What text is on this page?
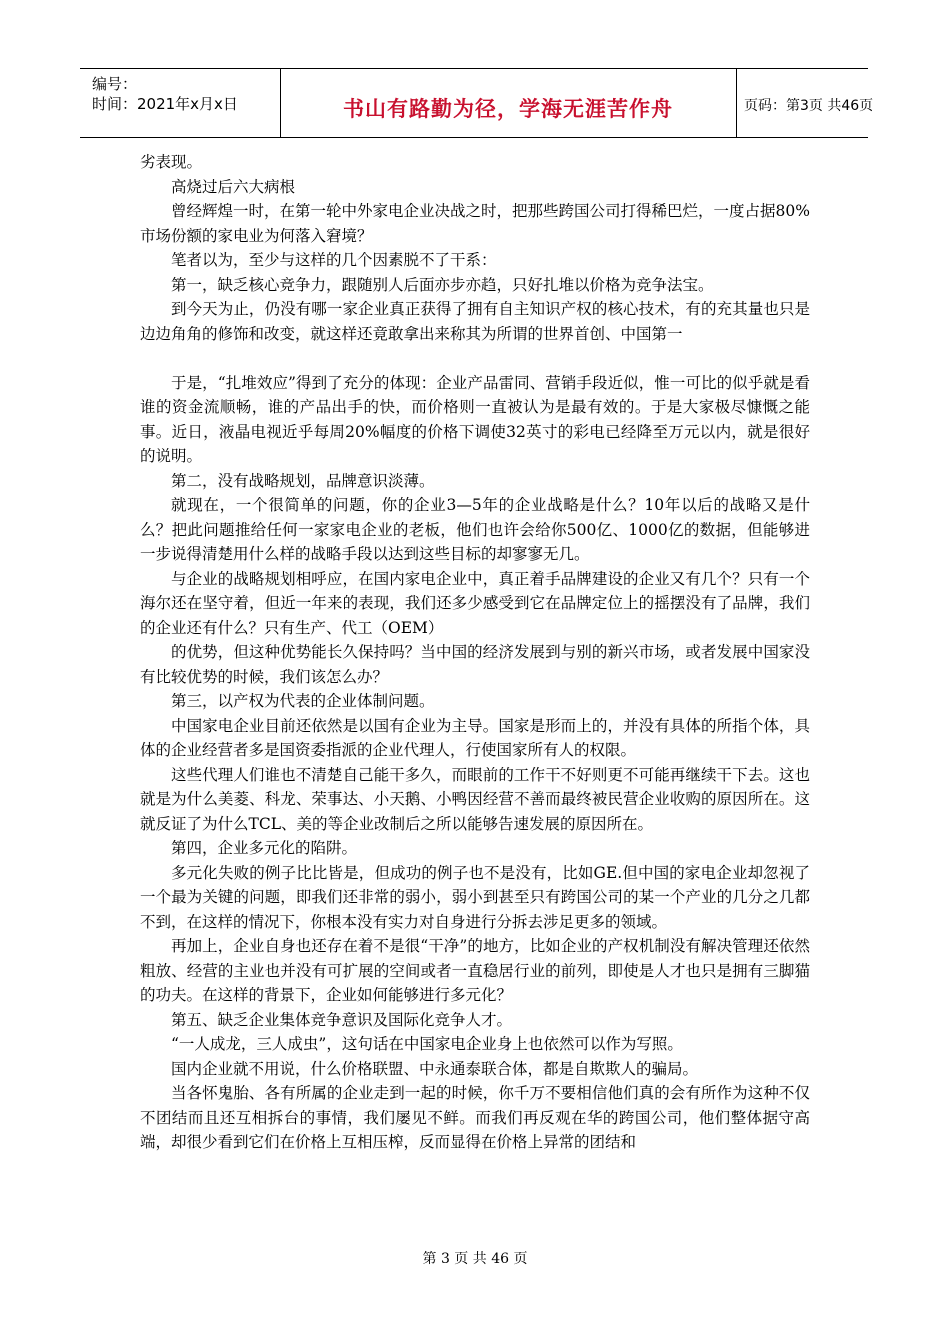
编号：
时间：2021年x月x日	书山有路勤为径，学海无涯苦作舟	页码：第3页 共46页

劣表现。

高烧过后六大病根

曾经辉煌一时，在第一轮中外家电企业决战之时，把那些跨国公司打得稀巴烂，一度占据80%市场份额的家电业为何落入窘境？

笔者以为，至少与这样的几个因素脱不了干系：

第一，缺乏核心竞争力，跟随别人后面亦步亦趋，只好扎堆以价格为竞争法宝。

到今天为止，仍没有哪一家企业真正获得了拥有自主知识产权的核心技术，有的充其量也只是边边角角的修饰和改变，就这样还竟敢拿出来称其为所谓的世界首创、中国第一

于是，“扎堆效应”得到了充分的体现：企业产品雷同、营销手段近似，惟一可比的似乎就是看谁的资金流顺畅，谁的产品出手的快，而价格则一直被认为是最有效的。于是大家极尽慷慨之能事。近日，液晶电视近乎每周20%幅度的价格下调使32英寸的彩电已经降至万元以内，就是很好的说明。

第二，没有战略规划，品牌意识淡薄。

就现在，一个很简单的问题，你的企业3—5年的企业战略是什么？10年以后的战略又是什么？把此问题推给任何一家家电企业的老板，他们也许会给你500亿、1000亿的数据，但能够进一步说得清楚用什么样的战略手段以达到这些目标的却寥寥无几。

与企业的战略规划相呼应，在国内家电企业中，真正着手品牌建设的企业又有几个？只有一个海尔还在坚守着，但近一年来的表现，我们还多少感受到它在品牌定位上的摇摆没有了品牌，我们的企业还有什么？只有生产、代工（OEM）

的优势，但这种优势能长久保持吗？当中国的经济发展到与别的新兴市场，或者发展中国家没有比较优势的时候，我们该怎么办？

第三，以产权为代表的企业体制问题。

中国家电企业目前还依然是以国有企业为主导。国家是形而上的，并没有具体的所指个体，具体的企业经营者多是国资委指派的企业代理人，行使国家所有人的权限。

这些代理人们谁也不清楚自己能干多久，而眼前的工作干不好则更不可能再继续干下去。这也就是为什么美菱、科龙、荣事达、小天鹅、小鸭因经营不善而最终被民营企业收购的原因所在。这就反证了为什么TCL、美的等企业改制后之所以能够告速发展的原因所在。

第四，企业多元化的陷阱。

多元化失败的例子比比皆是，但成功的例子也不是没有，比如GE.但中国的家电企业却忽视了一个最为关键的问题，即我们还非常的弱小，弱小到甚至只有跨国公司的某一个产业的几分之几都不到，在这样的情况下，你根本没有实力对自身进行分拆去涉足更多的领域。

再加上，企业自身也还存在着不是很“干净”的地方，比如企业的产权机制没有解决管理还依然粗放、经营的主业也并没有可扩展的空间或者一直稳居行业的前列，即使是人才也只是拥有三脚猫的功夫。在这样的背景下，企业如何能够进行多元化？

第五、缺乏企业集体竞争意识及国际化竞争人才。

“一人成龙，三人成虫”，这句话在中国家电企业身上也依然可以作为写照。

国内企业就不用说，什么价格联盟、中永通泰联合体，都是自欺欺人的骗局。

当各怀鬼胎、各有所属的企业走到一起的时候，你千万不要相信他们真的会有所作为这种不仅不团结而且还互相拆台的事情，我们屡见不鲜。而我们再反观在华的跨国公司，他们整体据守高端，却很少看到它们在价格上互相压榨，反而显得在价格上异常的团结和

第 3 页 共 46 页
